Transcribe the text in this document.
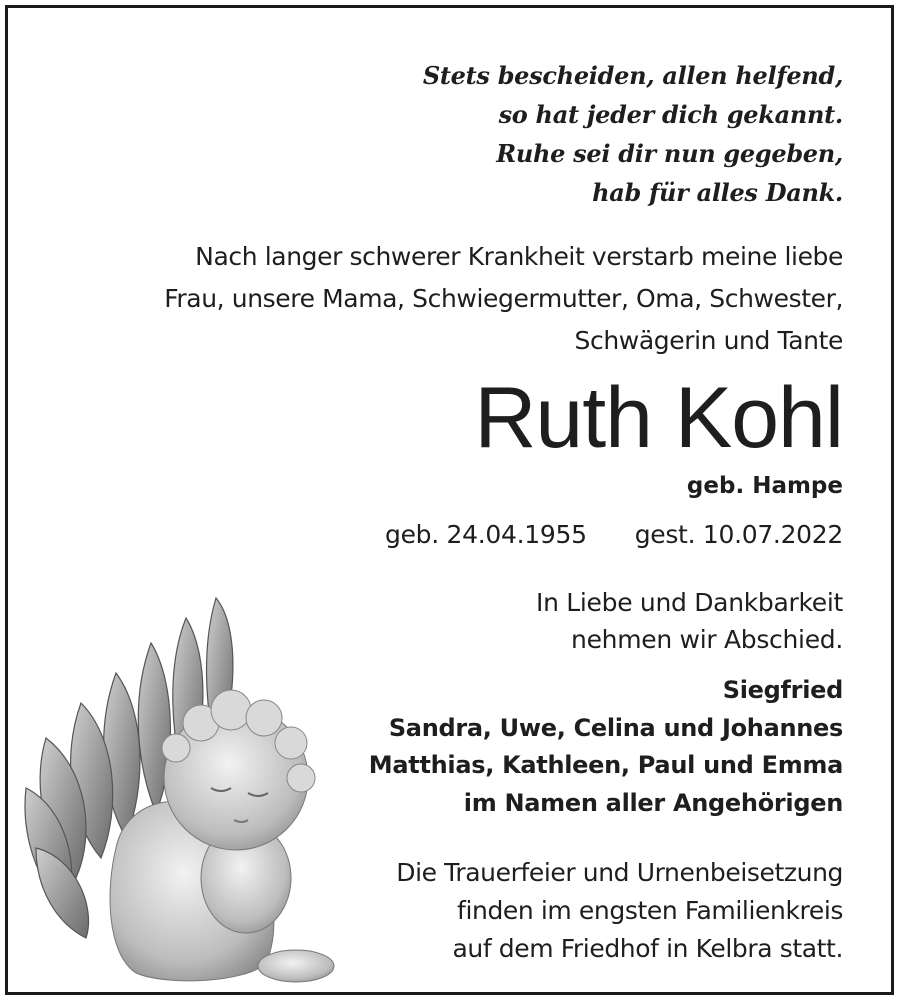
Stets bescheiden, allen helfend,
so hat jeder dich gekannt.
Ruhe sei dir nun gegeben,
hab für alles Dank.
Nach langer schwerer Krankheit verstarb meine liebe
Frau, unsere Mama, Schwiegermutter, Oma, Schwester,
Schwägerin und Tante
Ruth Kohl
geb. Hampe
geb. 24.04.1955 gest. 10.07.2022
In Liebe und Dankbarkeit
nehmen wir Abschied.
Siegfried
Sandra, Uwe, Celina und Johannes
Matthias, Kathleen, Paul und Emma
im Namen aller Angehörigen
Die Trauerfeier und Urnenbeisetzung
finden im engsten Familienkreis
auf dem Friedhof in Kelbra statt.
